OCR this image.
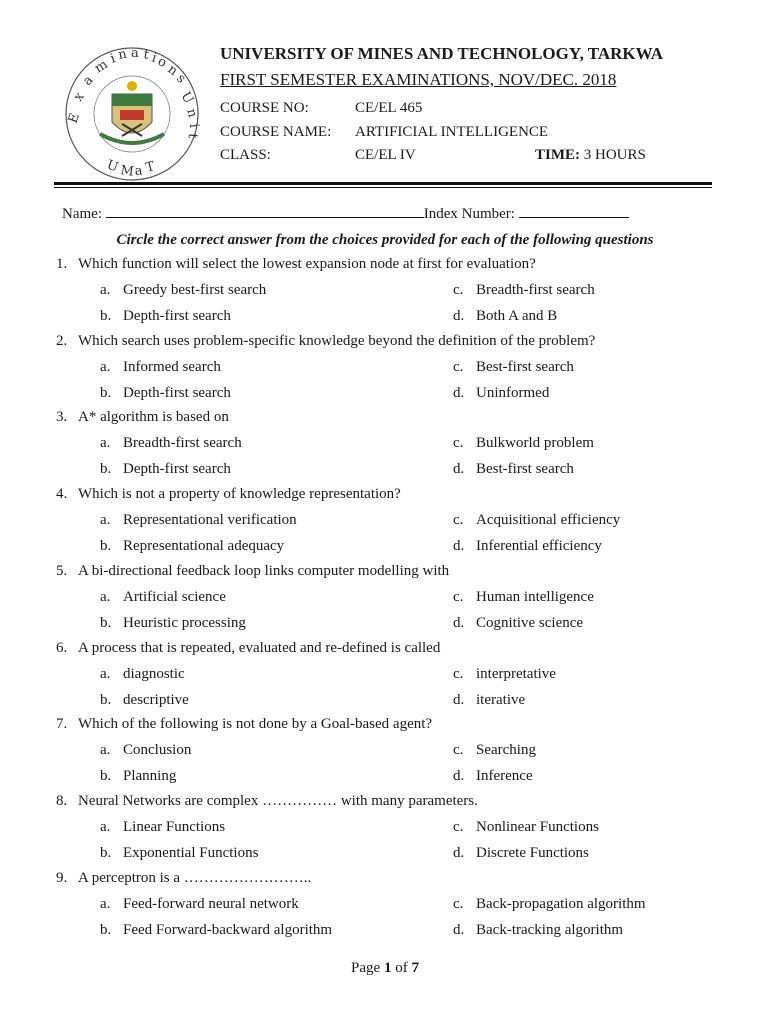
E
x
a
m
i n a t i
o
n
s
U
n
i
t
U M a T
UNIVERSITY OF MINES AND TECHNOLOGY, TARKWA
FIRST SEMESTER EXAMINATIONS, NOV/DEC. 2018
COURSE NO:	CE/EL 465
COURSE NAME: ARTIFICIAL INTELLIGENCE
CLASS:	CE/EL IV	TIME: 3 HOURS
Name:	Index Number:
Circle the correct answer from the choices provided for each of the following questions
1. Which function will select the lowest expansion node at first for evaluation?
a. Greedy best-first search
b. Depth-first search
c. Breadth-first search
d. Both A and B
2. Which search uses problem-specific knowledge beyond the definition of the problem?
a. Informed search
b. Depth-first search
c. Best-first search
d. Uninformed
3. A* algorithm is based on
a. Breadth-first search
b. Depth-first search
c. Bulkworld problem
d. Best-first search
4. Which is not a property of knowledge representation?
a. Representational verification
b. Representational adequacy
c. Acquisitional efficiency
d. Inferential efficiency
5. A bi-directional feedback loop links computer modelling with
a. Artificial science
b. Heuristic processing
c. Human intelligence
d. Cognitive science
6. A process that is repeated, evaluated and re-defined is called
a. diagnostic
b. descriptive
c. interpretative
d. iterative
7. Which of the following is not done by a Goal-based agent?
a. Conclusion
b. Planning
c. Searching
d. Inference
8. Neural Networks are complex …………… with many parameters.
a. Linear Functions
b. Exponential Functions
c. Nonlinear Functions
d. Discrete Functions
9. A perceptron is a ……………………..
a. Feed-forward neural network
b. Feed Forward-backward algorithm
c. Back-propagation algorithm
d. Back-tracking algorithm
Page 1 of 7
